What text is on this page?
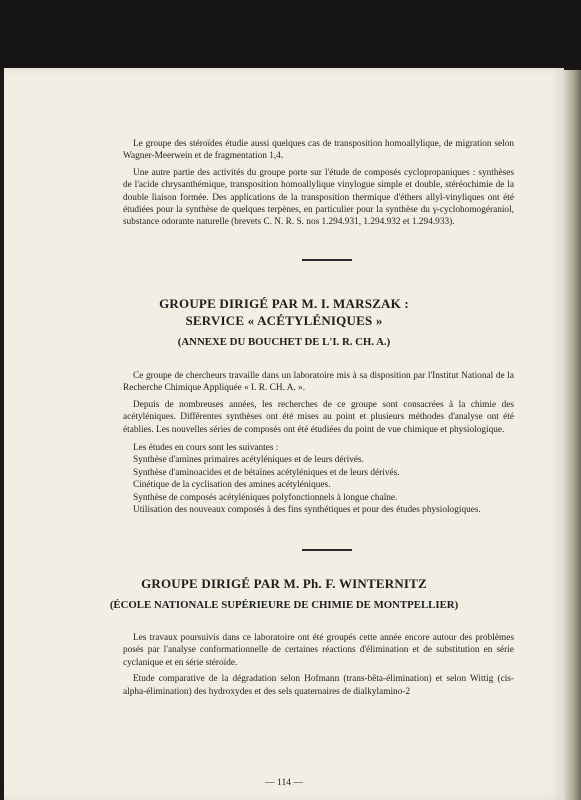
Le groupe des stéroïdes étudie aussi quelques cas de transposition homoallylique, de migration selon Wagner-Meerwein et de fragmentation 1,4.

Une autre partie des activités du groupe porte sur l'étude de composés cyclopropaniques : synthèses de l'acide chrysanthémique, transposition homoallylique vinylogue simple et double, stéréochimie de la double liaison formée. Des applications de la transposition thermique d'éthers allyl-vinyliques ont été étudiées pour la synthèse de quelques terpènes, en particulier pour la synthèse du γ-cyclohomogéraniol, substance odorante naturelle (brevets C. N. R. S. nos 1.294.931, 1.294.932 et 1.294.933).

GROUPE DIRIGÉ PAR M. I. MARSZAK :
SERVICE « ACÉTYLÉNIQUES »
(ANNEXE DU BOUCHET DE L'I. R. CH. A.)

Ce groupe de chercheurs travaille dans un laboratoire mis à sa disposition par l'Institut National de la Recherche Chimique Appliquée « I. R. CH. A. ».

Depuis de nombreuses années, les recherches de ce groupe sont consacrées à la chimie des acétyléniques. Différentes synthèses ont été mises au point et plusieurs méthodes d'analyse ont été établies. Les nouvelles séries de composés ont été étudiées du point de vue chimique et physiologique.

Les études en cours sont les suivantes :

Synthèse d'amines primaires acétyléniques et de leurs dérivés.
Synthèse d'aminoacides et de bétaïnes acétyléniques et de leurs dérivés.
Cinétique de la cyclisation des amines acétyléniques.
Synthèse de composés acétyléniques polyfonctionnels à longue chaîne.
Utilisation des nouveaux composés à des fins synthétiques et pour des études physiologiques.
GROUPE DIRIGÉ PAR M. Ph. F. WINTERNITZ
(ÉCOLE NATIONALE SUPÉRIEURE DE CHIMIE DE MONTPELLIER)

Les travaux poursuivis dans ce laboratoire ont été groupés cette année encore autour des problèmes posés par l'analyse conformationnelle de certaines réactions d'élimination et de substitution en série cyclanique et en série stéroïde.

Etude comparative de la dégradation selon Hofmann (trans-bêta-élimination) et selon Wittig (cis-alpha-élimination) des hydroxydes et des sels quaternaires de dialkylamino-2

— 114 —
